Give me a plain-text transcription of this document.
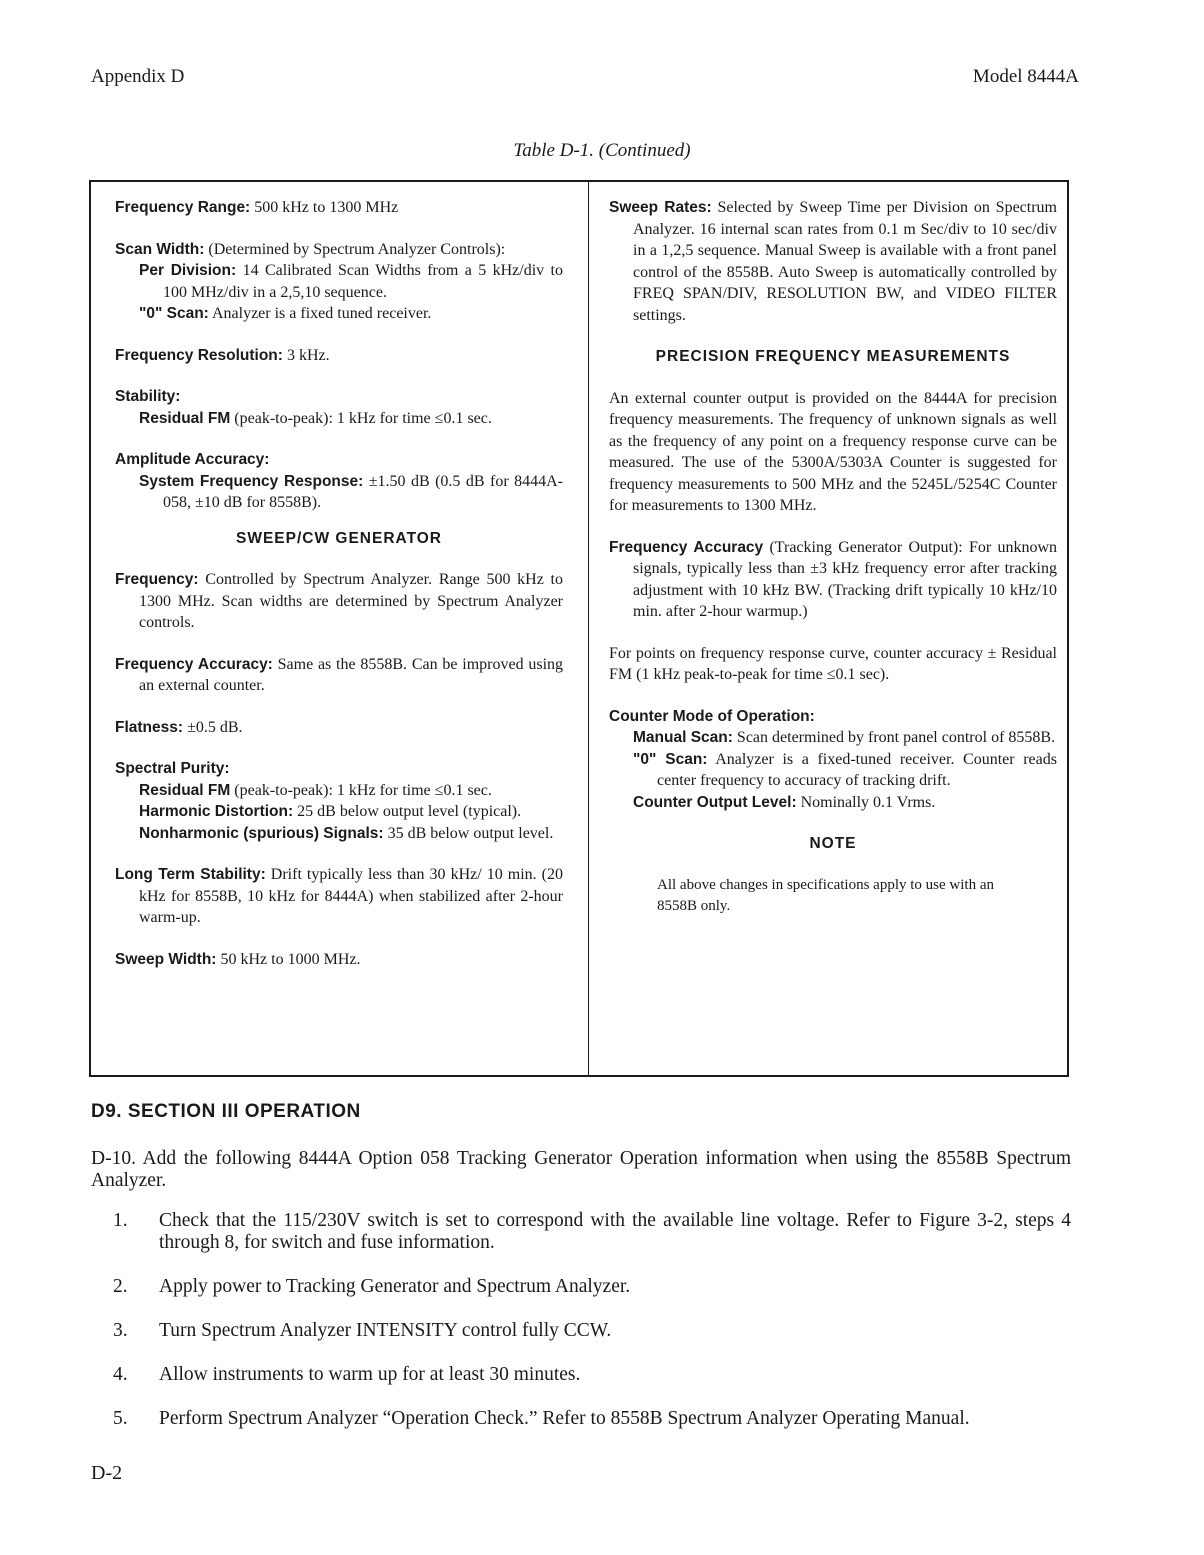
Appendix D	Model 8444A
Table D-1. (Continued)

Frequency Range: 500 kHz to 1300 MHz

Scan Width: (Determined by Spectrum Analyzer Controls):

Per Division: 14 Calibrated Scan Widths from a 5 kHz/div to 100 MHz/div in a 2,5,10 sequence.

"0" Scan: Analyzer is a fixed tuned receiver.

Frequency Resolution: 3 kHz.

Stability:

Residual FM (peak-to-peak): 1 kHz for time ≤0.1 sec.

Amplitude Accuracy:

System Frequency Response: ±1.50 dB (0.5 dB for 8444A-058, ±10 dB for 8558B).

SWEEP/CW GENERATOR

Frequency: Controlled by Spectrum Analyzer. Range 500 kHz to 1300 MHz. Scan widths are determined by Spectrum Analyzer controls.

Frequency Accuracy: Same as the 8558B. Can be improved using an external counter.

Flatness: ±0.5 dB.

Spectral Purity:

Residual FM (peak-to-peak): 1 kHz for time ≤0.1 sec.

Harmonic Distortion: 25 dB below output level (typical).

Nonharmonic (spurious) Signals: 35 dB below output level.

Long Term Stability: Drift typically less than 30 kHz/ 10 min. (20 kHz for 8558B, 10 kHz for 8444A) when stabilized after 2-hour warm-up.

Sweep Width: 50 kHz to 1000 MHz.

Sweep Rates: Selected by Sweep Time per Division on Spectrum Analyzer. 16 internal scan rates from 0.1 m Sec/div to 10 sec/div in a 1,2,5 sequence. Manual Sweep is available with a front panel control of the 8558B. Auto Sweep is automatically controlled by FREQ SPAN/DIV, RESOLUTION BW, and VIDEO FILTER settings.

PRECISION FREQUENCY MEASUREMENTS

An external counter output is provided on the 8444A for precision frequency measurements. The frequency of unknown signals as well as the frequency of any point on a frequency response curve can be measured. The use of the 5300A/5303A Counter is suggested for frequency measurements to 500 MHz and the 5245L/5254C Counter for measurements to 1300 MHz.

Frequency Accuracy (Tracking Generator Output): For unknown signals, typically less than ±3 kHz frequency error after tracking adjustment with 10 kHz BW. (Tracking drift typically 10 kHz/10 min. after 2-hour warmup.)

For points on frequency response curve, counter accuracy ± Residual FM (1 kHz peak-to-peak for time ≤0.1 sec).

Counter Mode of Operation:

Manual Scan: Scan determined by front panel control of 8558B.

"0" Scan: Analyzer is a fixed-tuned receiver. Counter reads center frequency to accuracy of tracking drift.

Counter Output Level: Nominally 0.1 Vrms.

NOTE

All above changes in specifications apply to use with an 8558B only.

D9. SECTION III OPERATION

D-10. Add the following 8444A Option 058 Tracking Generator Operation information when using the 8558B Spectrum Analyzer.

1. Check that the 115/230V switch is set to correspond with the available line voltage. Refer to Figure 3-2, steps 4 through 8, for switch and fuse information.
2. Apply power to Tracking Generator and Spectrum Analyzer.
3. Turn Spectrum Analyzer INTENSITY control fully CCW.
4. Allow instruments to warm up for at least 30 minutes.
5. Perform Spectrum Analyzer “Operation Check.” Refer to 8558B Spectrum Analyzer Operating Manual.
D-2
